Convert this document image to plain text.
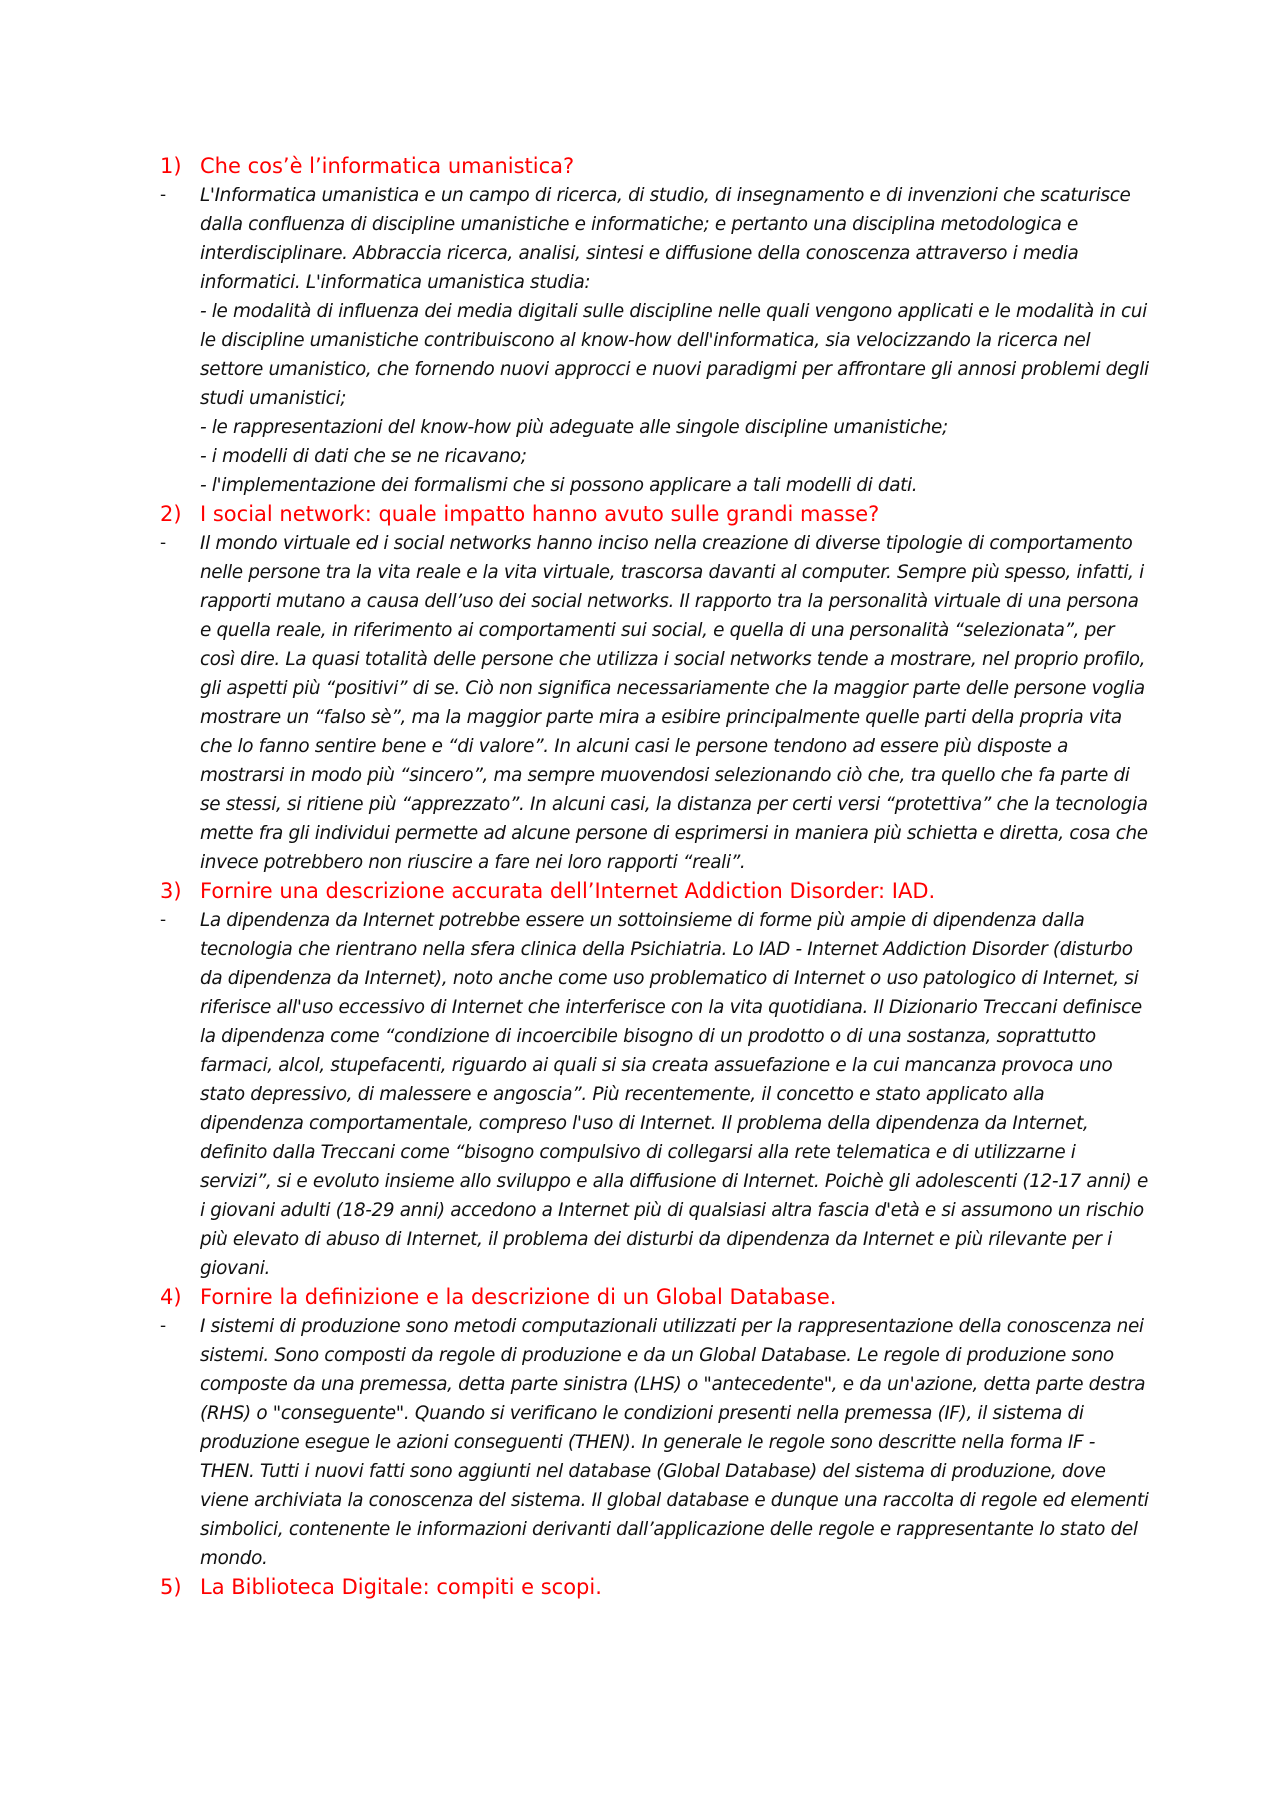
1) Che cos’è l’informatica umanistica?
-	L'Informatica umanistica e un campo di ricerca, di studio, di insegnamento e di invenzioni che scaturisce dalla confluenza di discipline umanistiche e informatiche; e pertanto una disciplina metodologica e interdisciplinare. Abbraccia ricerca, analisi, sintesi e diffusione della conoscenza attraverso i media informatici. L'informatica umanistica studia:

- le modalità di influenza dei media digitali sulle discipline nelle quali vengono applicati e le modalità in cui le discipline umanistiche contribuiscono al know-how dell'informatica, sia velocizzando la ricerca nel settore umanistico, che fornendo nuovi approcci e nuovi paradigmi per affrontare gli annosi problemi degli studi umanistici;

- le rappresentazioni del know-how più adeguate alle singole discipline umanistiche;

- i modelli di dati che se ne ricavano;

- l'implementazione dei formalismi che si possono applicare a tali modelli di dati.

2) I social network: quale impatto hanno avuto sulle grandi masse?
-	Il mondo virtuale ed i social networks hanno inciso nella creazione di diverse tipologie di comportamento nelle persone tra la vita reale e la vita virtuale, trascorsa davanti al computer. Sempre più spesso, infatti, i rapporti mutano a causa dell’uso dei social networks. Il rapporto tra la personalità virtuale di una persona e quella reale, in riferimento ai comportamenti sui social, e quella di una personalità “selezionata”, per così dire. La quasi totalità delle persone che utilizza i social networks tende a mostrare, nel proprio profilo, gli aspetti più “positivi” di se. Ciò non significa necessariamente che la maggior parte delle persone voglia mostrare un “falso sè”, ma la maggior parte mira a esibire principalmente quelle parti della propria vita che lo fanno sentire bene e “di valore”. In alcuni casi le persone tendono ad essere più disposte a mostrarsi in modo più “sincero”, ma sempre muovendosi selezionando ciò che, tra quello che fa parte di se stessi, si ritiene più “apprezzato”. In alcuni casi, la distanza per certi versi “protettiva” che la tecnologia mette fra gli individui permette ad alcune persone di esprimersi in maniera più schietta e diretta, cosa che invece potrebbero non riuscire a fare nei loro rapporti “reali”.

3) Fornire una descrizione accurata dell’Internet Addiction Disorder: IAD.
-	La dipendenza da Internet potrebbe essere un sottoinsieme di forme più ampie di dipendenza dalla tecnologia che rientrano nella sfera clinica della Psichiatria. Lo IAD - Internet Addiction Disorder (disturbo da dipendenza da Internet), noto anche come uso problematico di Internet o uso patologico di Internet, si riferisce all'uso eccessivo di Internet che interferisce con la vita quotidiana. Il Dizionario Treccani definisce la dipendenza come “condizione di incoercibile bisogno di un prodotto o di una sostanza, soprattutto farmaci, alcol, stupefacenti, riguardo ai quali si sia creata assuefazione e la cui mancanza provoca uno stato depressivo, di malessere e angoscia”. Più recentemente, il concetto e stato applicato alla dipendenza comportamentale, compreso l'uso di Internet. Il problema della dipendenza da Internet, definito dalla Treccani come “bisogno compulsivo di collegarsi alla rete telematica e di utilizzarne i servizi”, si e evoluto insieme allo sviluppo e alla diffusione di Internet. Poichè gli adolescenti (12-17 anni) e i giovani adulti (18-29 anni) accedono a Internet più di qualsiasi altra fascia d'età e si assumono un rischio più elevato di abuso di Internet, il problema dei disturbi da dipendenza da Internet e più rilevante per i giovani.

4) Fornire la definizione e la descrizione di un Global Database.
-	I sistemi di produzione sono metodi computazionali utilizzati per la rappresentazione della conoscenza nei sistemi. Sono composti da regole di produzione e da un Global Database. Le regole di produzione sono composte da una premessa, detta parte sinistra (LHS) o "antecedente", e da un'azione, detta parte destra (RHS) o "conseguente". Quando si verificano le condizioni presenti nella premessa (IF), il sistema di produzione esegue le azioni conseguenti (THEN). In generale le regole sono descritte nella forma IF - THEN. Tutti i nuovi fatti sono aggiunti nel database (Global Database) del sistema di produzione, dove viene archiviata la conoscenza del sistema. Il global database e dunque una raccolta di regole ed elementi simbolici, contenente le informazioni derivanti dall’applicazione delle regole e rappresentante lo stato del mondo.

5) La Biblioteca Digitale: compiti e scopi.
